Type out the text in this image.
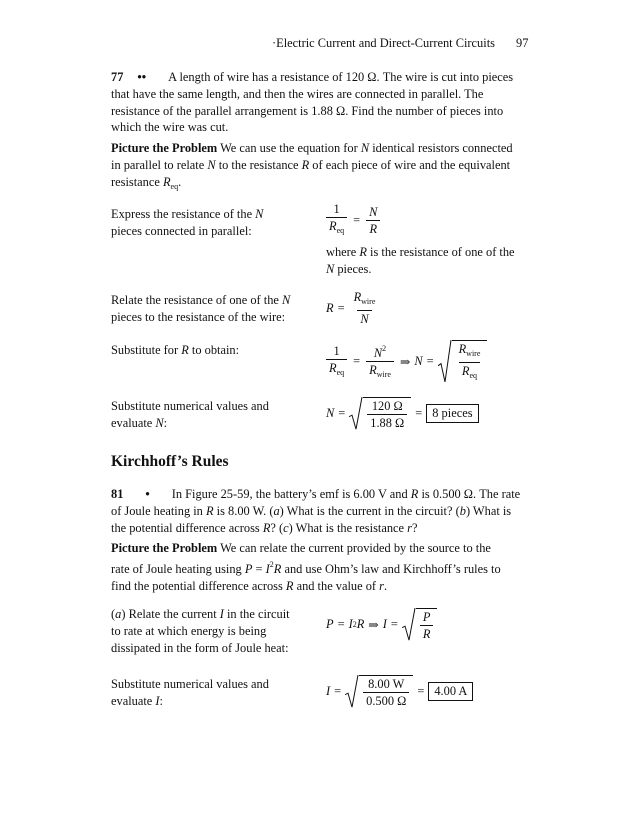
·Electric Current and Direct-Current Circuits 97
77 •• A length of wire has a resistance of 120 Ω. The wire is cut into pieces
that have the same length, and then the wires are connected in parallel. The
resistance of the parallel arrangement is 1.88 Ω. Find the number of pieces into
which the wire was cut.
Picture the Problem We can use the equation for N identical resistors connected
in parallel to relate N to the resistance R of each piece of wire and the equivalent
resistance $R_{eq}$.
Express the resistance of the N
pieces connected in parallel:	$\frac{1}{R_{eq}} = \frac{N}{R}$
where R is the resistance of one of the
N pieces.
Relate the resistance of one of the N
pieces to the resistance of the wire:
$R = \frac{R_{wire}}{N}$
Substitute for R to obtain:	$\frac{1}{R_{eq}} = \frac{N^2}{R_{wire}}$ ⇒ $N = \frac{R_{wire}}{R_{eq}}$
Substitute numerical values and
evaluate N:
$N = \frac{120 \Omega}{1.88 \Omega} = 8$ pieces
Kirchhoff’s Rules
81 • In Figure 25-59, the battery’s emf is 6.00 V and R is 0.500 Ω. The rate
of Joule heating in R is 8.00 W. (a) What is the current in the circuit? (b) What is
the potential difference across R? (c) What is the resistance r?
Picture the Problem We can relate the current provided by the source to the
rate of Joule heating using $P = I^2R$ and use Ohm’s law and Kirchhoff’s rules to
find the potential difference across R and the value of r.
(a) Relate the current I in the circuit
to rate at which energy is being
dissipated in the form of Joule heat:
P = I 2 R ⇒ $I = \frac{P}{R}$
Substitute numerical values and
evaluate I:
$I = \frac{8.00 W}{0.500 \Omega} = 4.00$ A
